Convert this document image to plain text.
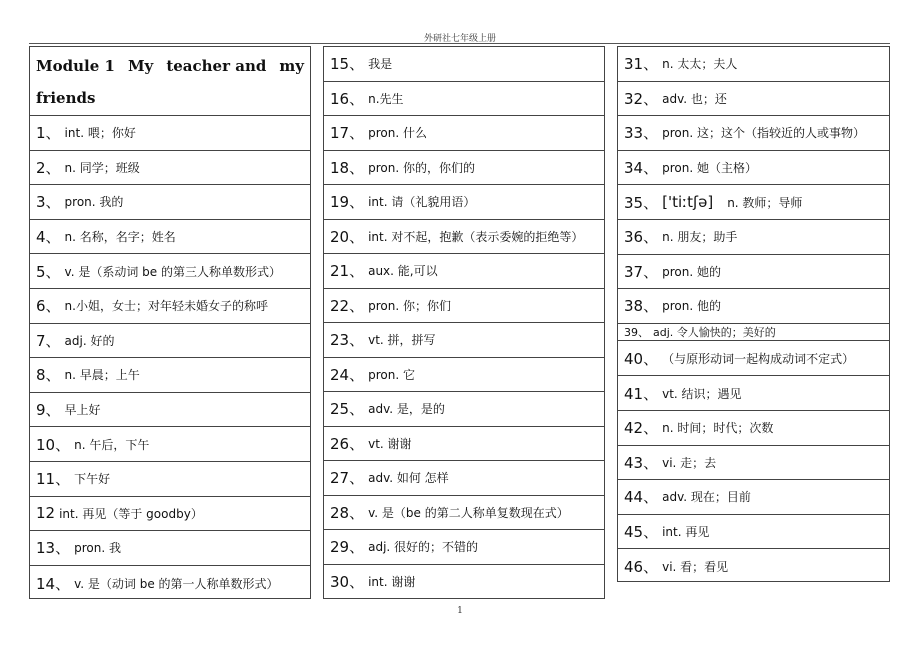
外研社七年级上册
Module 1 My teacher and my
friends
1、 int. 喂；你好
2、 n. 同学；班级
3、 pron. 我的
4、 n. 名称，名字；姓名
5、 v. 是（系动词 be 的第三人称单数形式）
6、 n.小姐，女士；对年轻未婚女子的称呼
7、 adj. 好的
8、 n. 早晨；上午
9、 早上好
10、 n. 午后，下午
11、 下午好
12 int. 再见（等于 goodby）
13、 pron. 我
14、 v. 是（动词 be 的第一人称单数形式）
15、 我是
16、 n.先生
17、 pron. 什么
18、 pron. 你的，你们的
19、 int. 请（礼貌用语）
20、 int. 对不起，抱歉（表示委婉的拒绝等）
21、 aux. 能,可以
22、 pron. 你；你们
23、 vt. 拼，拼写
24、 pron. 它
25、 adv. 是，是的
26、 vt. 谢谢
27、 adv. 如何 怎样
28、 v. 是（be 的第二人称单复数现在式）
29、 adj. 很好的；不错的
30、 int. 谢谢
31、 n. 太太；夫人
32、 adv. 也；还
33、 pron. 这；这个（指较近的人或事物）
34、 pron. 她（主格）
35、 ['tiːtʃə] n. 教师；导师
36、 n. 朋友；助手
37、 pron. 她的
38、 pron. 他的
39、 adj. 令人愉快的；美好的
40、 （与原形动词一起构成动词不定式）
41、 vt. 结识；遇见
42、 n. 时间；时代；次数
43、 vi. 走；去
44、 adv. 现在；目前
45、 int. 再见
46、 vi. 看；看见
1
